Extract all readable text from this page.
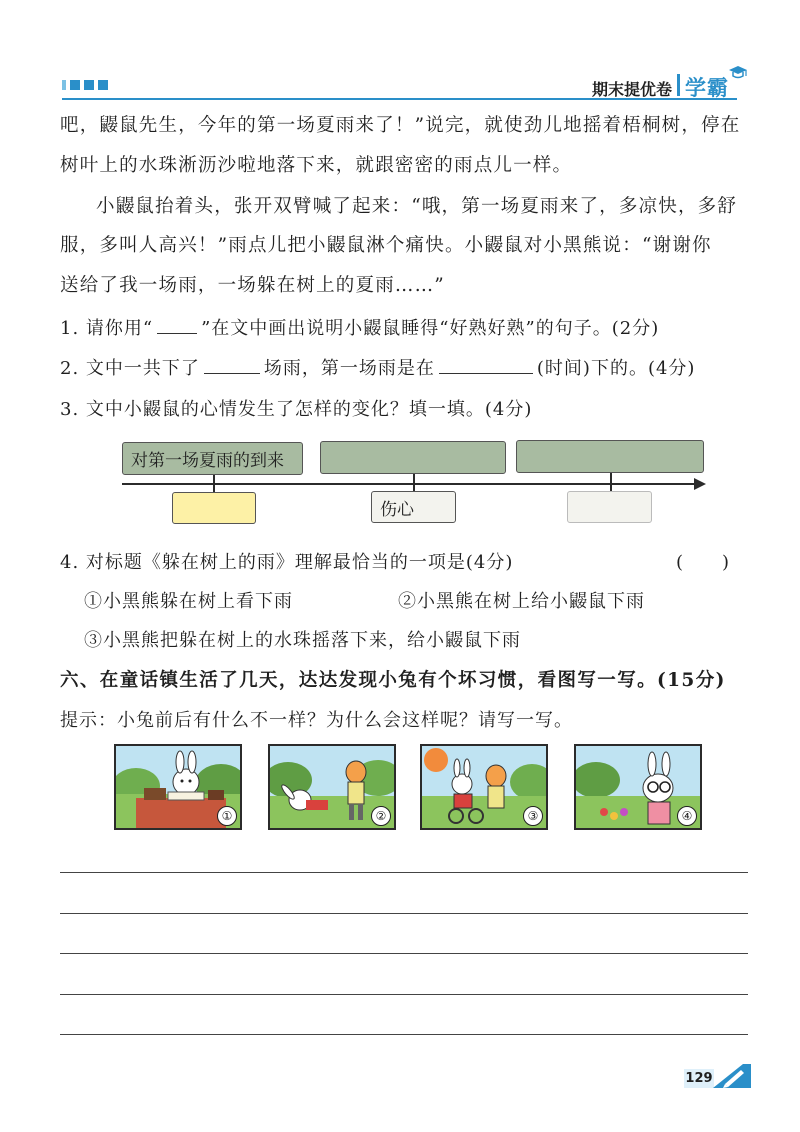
期末提优卷 学霸
吧，鼹鼠先生，今年的第一场夏雨来了！”说完，就使劲儿地摇着梧桐树，停在
树叶上的水珠淅沥沙啦地落下来，就跟密密的雨点儿一样。
小鼹鼠抬着头，张开双臂喊了起来：“哦，第一场夏雨来了，多凉快，多舒
服，多叫人高兴！”雨点儿把小鼹鼠淋个痛快。小鼹鼠对小黑熊说：“谢谢你
送给了我一场雨，一场躲在树上的夏雨……”
1. 请你用“	”在文中画出说明小鼹鼠睡得“好熟好熟”的句子。(2分)
2. 文中一共下了	场雨，第一场雨是在	(时间)下的。(4分)
3. 文中小鼹鼠的心情发生了怎样的变化？填一填。(4分)
对第一场夏雨的到来

伤心
4. 对标题《躲在树上的雨》理解最恰当的一项是(4分)	(　　)
①小黑熊躲在树上看下雨	②小黑熊在树上给小鼹鼠下雨
③小黑熊把躲在树上的水珠摇落下来，给小鼹鼠下雨
六、在童话镇生活了几天，达达发现小兔有个坏习惯，看图写一写。(15分)
提示：小兔前后有什么不一样？为什么会这样呢？请写一写。
①	②	③	④
129
